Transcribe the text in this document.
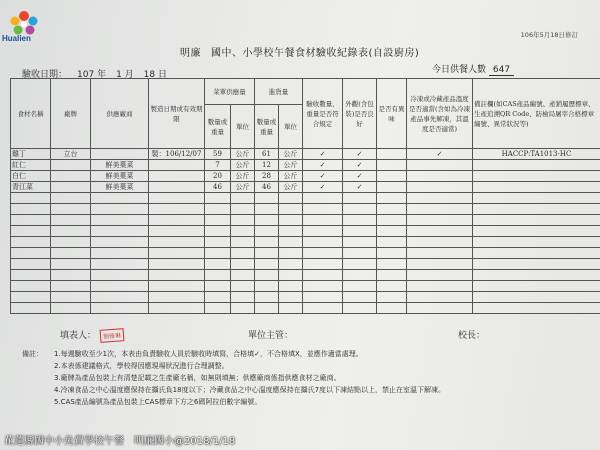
Hualien	106年5月18日修訂
明廉 國中、小學校午餐食材驗收紀錄表(自設廚房)
驗收日期： 107 年 1 月 18 日	今日供餐人數 647
食材名稱	廠牌	供應廠商	製造日期或有效期限	菜單供應量		進貨量		驗收數量、重量是否符合規定	外觀(含包裝)是否良好	是否有異味	冷凍或冷藏產品溫度是否適當(含如為冷凍產品事先解凍，其溫度是否適當)	備註欄(如CAS產品編號、產銷履歷標章、生產追溯QR Code、防檢局屠宰合格標章編號、異常狀況等)
				數量或重量	單位	數量或重量	單位					
雞丁	立台		製：106/12/07	59	公斤	61	公斤	✓	✓		✓	HACCP:TA1013-HC
紅仁		鮮美菓菜		7	公斤	12	公斤	✓	✓			
白仁		鮮美菓菜		20	公斤	28	公斤	✓	✓			
青江菜		鮮美菓菜		46	公斤	46	公斤	✓	✓			

填表人： 簡雅琳	單位主管：	校長：
備註： 1.每週驗收至少1次，本表由負責驗收人員於驗收時填寫，合格填✓，不合格填X，並應作適當處理。
2.本表係建議格式，學校得因應現場狀況進行合理調整。
3.廠牌為產品包裝上有清楚記載之生產廠名稱，如無則填無；供應廠商係指供應食材之廠商。
4.冷凍食品之中心溫度應保持在攝氏負18度以下；冷藏食品之中心溫度應保持在攝氏7度以下凍結點以上，禁止在室溫下解凍。
5.CAS產品編號為產品包裝上CAS標章下方之6碼阿拉伯數字編號。
花蓮縣國中小免費學校午餐　明廉國小@2018/1/18
